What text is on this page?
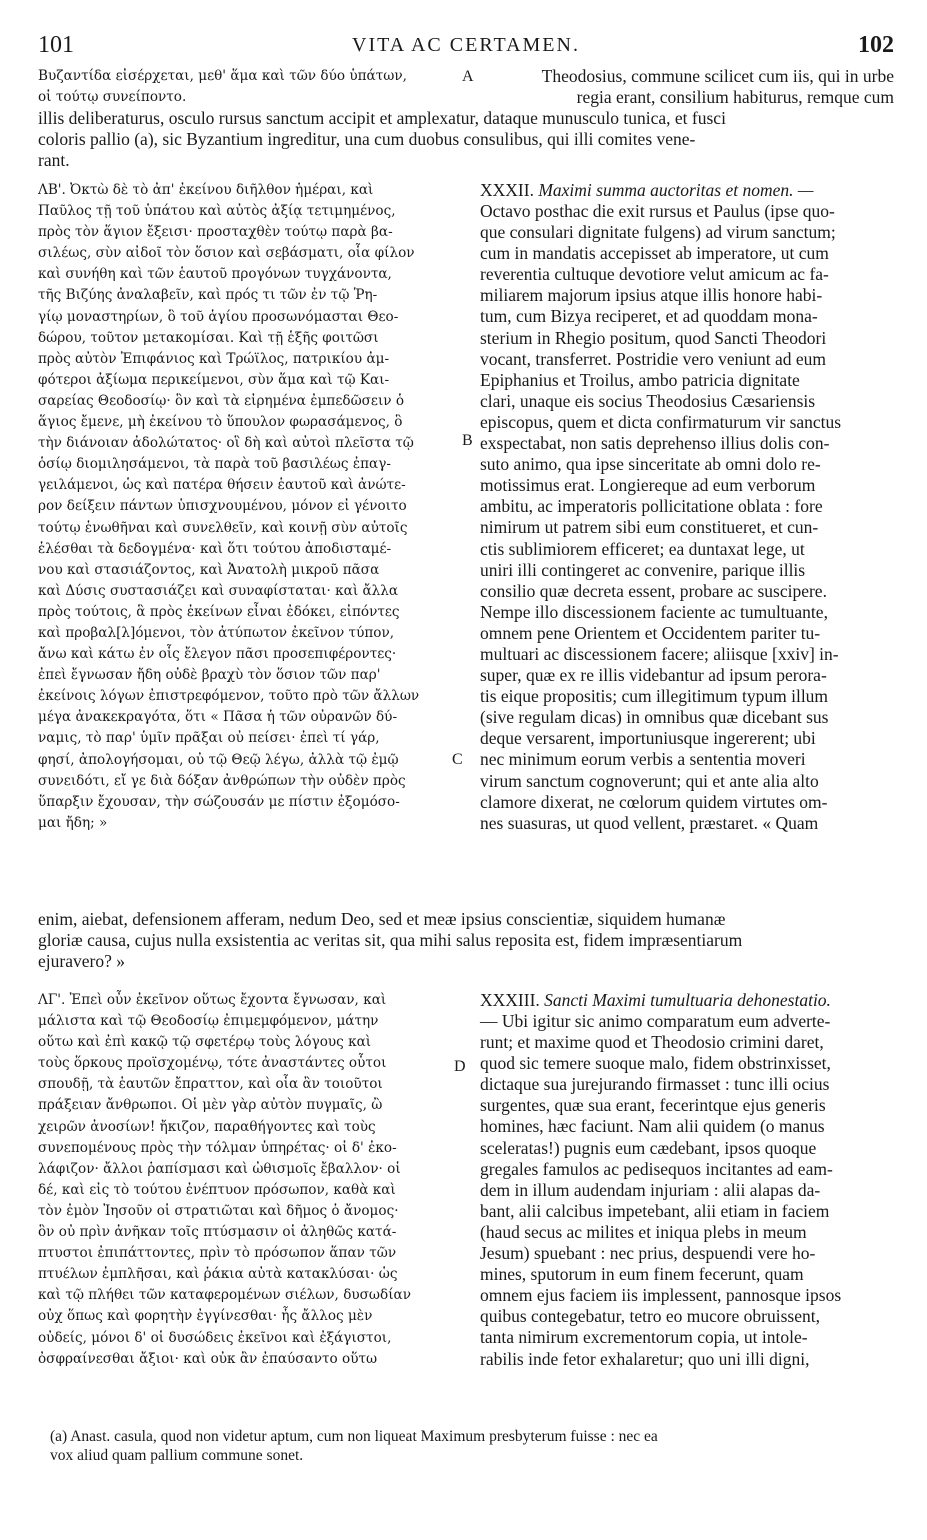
101	VITA AC CERTAMEN.	102
Βυζαντίδα εἰσέρχεται, μεθ' ἅμα καὶ τῶν δύο ὑπάτων,
οἱ τούτῳ συνείποντο.
A	Theodosius, commune scilicet cum iis, qui in urbe
regia erant, consilium habiturus, remque cum
illis deliberaturus, osculo rursus sanctum accipit et amplexatur, dataque munusculo tunica, et fusci
coloris pallio (a), sic Byzantium ingreditur, una cum duobus consulibus, qui illi comites vene-
rant.
ΛΒ'. Ὀκτὼ δὲ τὸ ἀπ' ἐκείνου διῆλθον ἡμέραι, καὶ
Παῦλος τῇ τοῦ ὑπάτου καὶ αὐτὸς ἀξίᾳ τετιμημένος,
πρὸς τὸν ἅγιον ἔξεισι· προσταχθὲν τούτῳ παρὰ βα-
σιλέως, σὺν αἰδοῖ τὸν ὅσιον καὶ σεβάσματι, οἷα φίλον
καὶ συνήθη καὶ τῶν ἑαυτοῦ προγόνων τυγχάνοντα,
τῆς Βιζύης ἀναλαβεῖν, καὶ πρός τι τῶν ἐν τῷ Ῥη-
γίῳ μοναστηρίων, ὃ τοῦ ἁγίου προσωνόμασται Θεο-
δώρου, τοῦτον μετακομίσαι. Καὶ τῇ ἑξῆς φοιτῶσι
πρὸς αὐτὸν Ἐπιφάνιος καὶ Τρώϊλος, πατρικίου ἀμ-
φότεροι ἀξίωμα περικείμενοι, σὺν ἅμα καὶ τῷ Και-
σαρείας Θεοδοσίῳ· ὃν καὶ τὰ εἰρημένα ἐμπεδῶσειν ὁ
ἅγιος ἔμενε, μὴ ἐκείνου τὸ ὕπουλον φωρασάμενος, ὃ
τὴν διάνοιαν ἀδολώτατος· οἳ δὴ καὶ αὐτοὶ πλεῖστα τῷ
ὁσίῳ διομιλησάμενοι, τὰ παρὰ τοῦ βασιλέως ἐπαγ-
γειλάμενοι, ὡς καὶ πατέρα θήσειν ἑαυτοῦ καὶ ἀνώτε-
ρον δείξειν πάντων ὑπισχνουμένου, μόνον εἰ γένοιτο
τούτῳ ἑνωθῆναι καὶ συνελθεῖν, καὶ κοινῇ σὺν αὐτοῖς
ἑλέσθαι τὰ δεδογμένα· καὶ ὅτι τούτου ἀποδισταμέ-
νου καὶ στασιάζοντος, καὶ Ἀνατολὴ μικροῦ πᾶσα
καὶ Δύσις συστασιάζει καὶ συναφίσταται· καὶ ἄλλα
πρὸς τούτοις, ἃ πρὸς ἐκείνων εἶναι ἐδόκει, εἰπόντες
καὶ προβαλ[λ]όμενοι, τὸν ἀτύπωτον ἐκεῖνον τύπον,
ἄνω καὶ κάτω ἐν οἷς ἔλεγον πᾶσι προσεπιφέροντες·
ἐπεὶ ἔγνωσαν ἤδη οὐδὲ βραχὺ τὸν ὅσιον τῶν παρ'
ἐκείνοις λόγων ἐπιστρεφόμενον, τοῦτο πρὸ τῶν ἄλλων
μέγα ἀνακεκραγότα, ὅτι « Πᾶσα ἡ τῶν οὐρανῶν δύ-
ναμις, τὸ παρ' ὑμῖν πρᾶξαι οὐ πείσει· ἐπεὶ τί γάρ,
φησί, ἀπολογήσομαι, οὐ τῷ Θεῷ λέγω, ἀλλὰ τῷ ἐμῷ
συνειδότι, εἴ γε διὰ δόξαν ἀνθρώπων τὴν οὐδὲν πρὸς
ὕπαρξιν ἔχουσαν, τὴν σώζουσάν με πίστιν ἐξομόσο-
μαι ἤδη; »
XXXII. Maximi summa auctoritas et nomen. —
Octavo posthac die exit rursus et Paulus (ipse quo-
que consulari dignitate fulgens) ad virum sanctum;
cum in mandatis accepisset ab imperatore, ut cum
reverentia cultuque devotiore velut amicum ac fa-
miliarem majorum ipsius atque illis honore habi-
tum, cum Bizya reciperet, et ad quoddam mona-
sterium in Rhegio positum, quod Sancti Theodori
vocant, transferret. Postridie vero veniunt ad eum
Epiphanius et Troilus, ambo patricia dignitate
clari, unaque eis socius Theodosius Cæsariensis
episcopus, quem et dicta confirmaturum vir sanctus
exspectabat, non satis deprehenso illius dolis con-
suto animo, qua ipse sinceritate ab omni dolo re-
motissimus erat. Longiereque ad eum verborum
ambitu, ac imperatoris pollicitatione oblata : fore
nimirum ut patrem sibi eum constitueret, et cun-
ctis sublimiorem efficeret; ea duntaxat lege, ut
uniri illi contingeret ac convenire, parique illis
consilio quæ decreta essent, probare ac suscipere.
Nempe illo discessionem faciente ac tumultuante,
omnem pene Orientem et Occidentem pariter tu-
multuari ac discessionem facere; aliisque [xxiv] in-
super, quæ ex re illis videbantur ad ipsum perora-
tis eique propositis; cum illegitimum typum illum
(sive regulam dicas) in omnibus quæ dicebant sus
deque versarent, importuniusque ingererent; ubi
nec minimum eorum verbis a sententia moveri
virum sanctum cognoverunt; qui et ante alia alto
clamore dixerat, ne cœlorum quidem virtutes om-
nes suasuras, ut quod vellent, præstaret. « Quam
B
C
enim, aiebat, defensionem afferam, nedum Deo, sed et meæ ipsius conscientiæ, siquidem humanæ
gloriæ causa, cujus nulla exsistentia ac veritas sit, qua mihi salus reposita est, fidem impræsentiarum
ejuravero? »
ΛΓ'. Ἐπεὶ οὖν ἐκεῖνον οὕτως ἔχοντα ἔγνωσαν, καὶ
μάλιστα καὶ τῷ Θεοδοσίῳ ἐπιμεμφόμενον, μάτην
οὕτω καὶ ἐπὶ κακῷ τῷ σφετέρῳ τοὺς λόγους καὶ
τοὺς ὅρκους προϊσχομένῳ, τότε ἀναστάντες οὗτοι
σπουδῇ, τὰ ἑαυτῶν ἔπραττον, καὶ οἷα ἂν τοιοῦτοι
πράξειαν ἄνθρωποι. Οἱ μὲν γὰρ αὐτὸν πυγμαῖς, ὢ
χειρῶν ἀνοσίων! ἤκιζον, παραθήγοντες καὶ τοὺς
συνεπομένους πρὸς τὴν τόλμαν ὑπηρέτας· οἱ δ' ἐκο-
λάφιζον· ἄλλοι ῥαπίσμασι καὶ ὠθισμοῖς ἔβαλλον· οἱ
δέ, καὶ εἰς τὸ τούτου ἐνέπτυον πρόσωπον, καθὰ καὶ
τὸν ἐμὸν Ἰησοῦν οἱ στρατιῶται καὶ δῆμος ὁ ἄνομος·
ὃν οὐ πρὶν ἀνῆκαν τοῖς πτύσμασιν οἱ ἀληθῶς κατά-
πτυστοι ἐπιπάττοντες, πρὶν τὸ πρόσωπον ἅπαν τῶν
πτυέλων ἐμπλῆσαι, καὶ ῥάκια αὐτὰ κατακλύσαι· ὡς
καὶ τῷ πλήθει τῶν καταφερομένων σιέλων, δυσωδίαν
οὐχ ὅπως καὶ φορητὴν ἐγγίνεσθαι· ἧς ἄλλος μὲν
οὐδείς, μόνοι δ' οἱ δυσώδεις ἐκεῖνοι καὶ ἐξάγιστοι,
ὀσφραίνεσθαι ἄξιοι· καὶ οὐκ ἂν ἐπαύσαντο οὕτω
XXXIII. Sancti Maximi tumultuaria dehonestatio.
— Ubi igitur sic animo comparatum eum adverte-
runt; et maxime quod et Theodosio crimini daret,
quod sic temere suoque malo, fidem obstrinxisset,
dictaque sua jurejurando firmasset : tunc illi ocius
surgentes, quæ sua erant, fecerintque ejus generis
homines, hæc faciunt. Nam alii quidem (o manus
sceleratas!) pugnis eum cædebant, ipsos quoque
gregales famulos ac pedisequos incitantes ad eam-
dem in illum audendam injuriam : alii alapas da-
bant, alii calcibus impetebant, alii etiam in faciem
(haud secus ac milites et iniqua plebs in meum
Jesum) spuebant : nec prius, despuendi vere ho-
mines, sputorum in eum finem fecerunt, quam
omnem ejus faciem iis implessent, pannosque ipsos
quibus contegebatur, tetro eo mucore obruissent,
tanta nimirum excrementorum copia, ut intole-
rabilis inde fetor exhalaretur; quo uni illi digni,
D
(a) Anast. casula, quod non videtur aptum, cum non liqueat Maximum presbyterum fuisse : nec ea
vox aliud quam pallium commune sonet.
